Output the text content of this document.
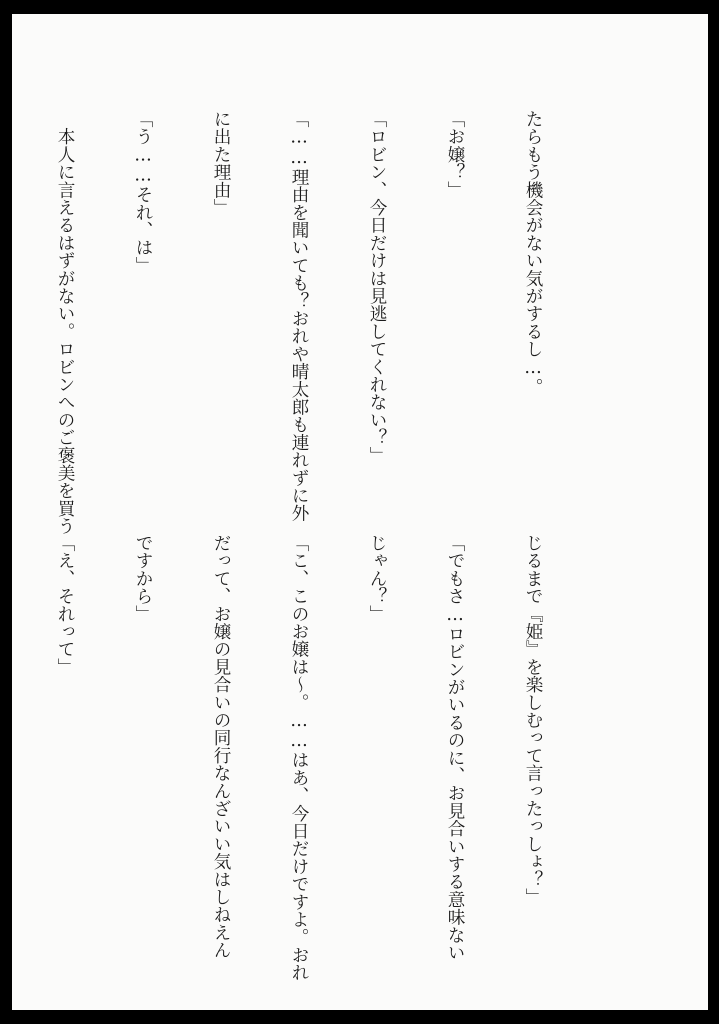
たらもう機会がない気がするし…。

「お嬢？」

「ロビン、今日だけは見逃してくれない？」

「……理由を聞いても？おれや晴太郎も連れずに外

に出た理由」

「う……それ、は」

　本人に言えるはずがない。ロビンへのご褒美を買う

じるまで『姫』を楽しむって言ったっしょ？」

「でもさ…ロビンがいるのに、お見合いする意味ない

じゃん？」

「こ、このお嬢は〜。……はあ、今日だけですよ。おれ

だって、お嬢の見合いの同行なんざいい気はしねえん

ですから」

「え、それって」
